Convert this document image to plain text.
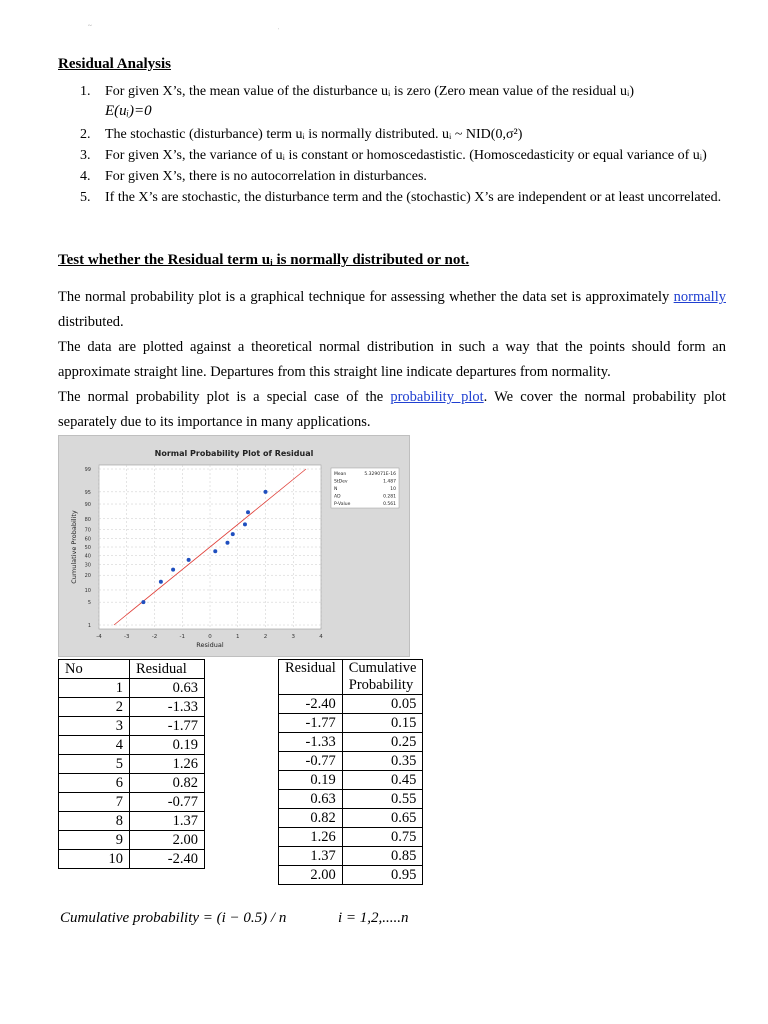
~
'
Residual Analysis
1. For given X’s, the mean value of the disturbance uᵢ is zero (Zero mean value of the residual uᵢ)
E(uᵢ)=0
2. The stochastic (disturbance) term uᵢ is normally distributed. uᵢ ~ NID(0,σ²)
3. For given X’s, the variance of uᵢ is constant or homoscedastistic. (Homoscedasticity or equal variance of uᵢ)
4. For given X’s, there is no autocorrelation in disturbances.
5. If the X’s are stochastic, the disturbance term and the (stochastic) X’s are independent or at least uncorrelated.
Test whether the Residual term uᵢ is normally distributed or not.
The normal probability plot is a graphical technique for assessing whether the data set is approximately normally distributed.
The data are plotted against a theoretical normal distribution in such a way that the points should form an approximate straight line. Departures from this straight line indicate departures from normality.
The normal probability plot is a special case of the probability plot. We cover the normal probability plot separately due to its importance in many applications.
Normal Probability Plot of Residual
-4	-3	-2	-1	0	1	2	3	4
1
5
10
20
30
40
50
60
70
80
90
95
99
Residual
Cumulative Probability
Mean	5.329071E-16
StDev	1.487
N	10
AD	0.281
P-Value	0.561
No	Residual
1	0.63
2	-1.33
3	-1.77
4	0.19
5	1.26
6	0.82
7	-0.77
8	1.37
9	2.00
10	-2.40
Residual	Cumulative Probability
-2.40	0.05
-1.77	0.15
-1.33	0.25
-0.77	0.35
0.19	0.45
0.63	0.55
0.82	0.65
1.26	0.75
1.37	0.85
2.00	0.95
Cumulative probability = (i − 0.5) / n	i = 1,2,.....n
